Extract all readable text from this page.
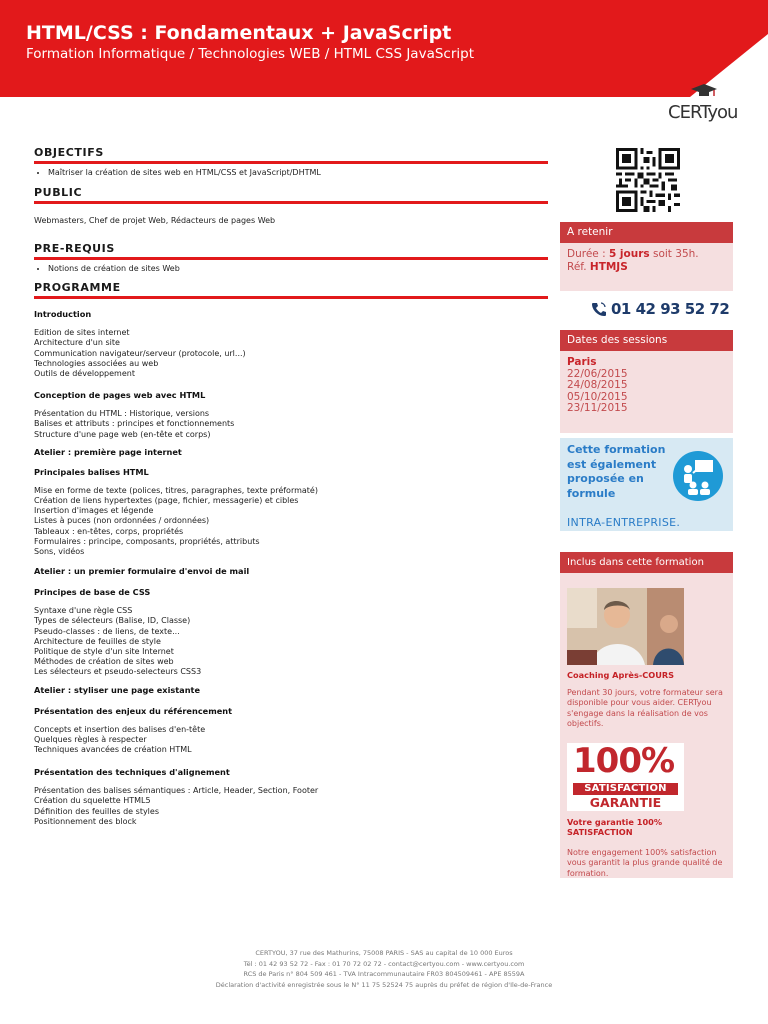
HTML/CSS : Fondamentaux + JavaScript
Formation Informatique / Technologies WEB / HTML CSS JavaScript
CERTyou
OBJECTIFS
• Maîtriser la création de sites web en HTML/CSS et JavaScript/DHTML
PUBLIC
Webmasters, Chef de projet Web, Rédacteurs de pages Web
PRE-REQUIS
• Notions de création de sites Web
PROGRAMME
Introduction
Edition de sites internet
Architecture d'un site
Communication navigateur/serveur (protocole, url...)
Technologies associées au web
Outils de développement
Conception de pages web avec HTML
Présentation du HTML : Historique, versions
Balises et attributs : principes et fonctionnements
Structure d'une page web (en-tête et corps)
Atelier : première page internet
Principales balises HTML
Mise en forme de texte (polices, titres, paragraphes, texte préformaté)
Création de liens hypertextes (page, fichier, messagerie) et cibles
Insertion d'images et légende
Listes à puces (non ordonnées / ordonnées)
Tableaux : en-têtes, corps, propriétés
Formulaires : principe, composants, propriétés, attributs
Sons, vidéos
Atelier : un premier formulaire d'envoi de mail
Principes de base de CSS
Syntaxe d'une règle CSS
Types de sélecteurs (Balise, ID, Classe)
Pseudo-classes : de liens, de texte...
Architecture de feuilles de style
Politique de style d'un site Internet
Méthodes de création de sites web
Les sélecteurs et pseudo-selecteurs CSS3
Atelier : styliser une page existante
Présentation des enjeux du référencement
Concepts et insertion des balises d'en-tête
Quelques règles à respecter
Techniques avancées de création HTML
Présentation des techniques d'alignement
Présentation des balises sémantiques : Article, Header, Section, Footer
Création du squelette HTML5
Définition des feuilles de styles
Positionnement des block
A retenir
Durée : 5 jours soit 35h.
Réf. HTMJS
01 42 93 52 72
Dates des sessions
Paris
22/06/2015
24/08/2015
05/10/2015
23/11/2015
Cette formation est également proposée en formule
INTRA-ENTREPRISE.
Inclus dans cette formation
Coaching Après-COURS
Pendant 30 jours, votre formateur sera disponible pour vous aider. CERTyou s'engage dans la réalisation de vos objectifs.
100%
SATISFACTION
GARANTIE
Votre garantie 100% SATISFACTION
Notre engagement 100% satisfaction vous garantit la plus grande qualité de formation.
CERTYOU, 37 rue des Mathurins, 75008 PARIS - SAS au capital de 10 000 Euros
Tél : 01 42 93 52 72 - Fax : 01 70 72 02 72 - contact@certyou.com - www.certyou.com
RCS de Paris n° 804 509 461 - TVA Intracommunautaire FR03 804509461 - APE 8559A
Déclaration d'activité enregistrée sous le N° 11 75 52524 75 auprès du préfet de région d'Ile-de-France
